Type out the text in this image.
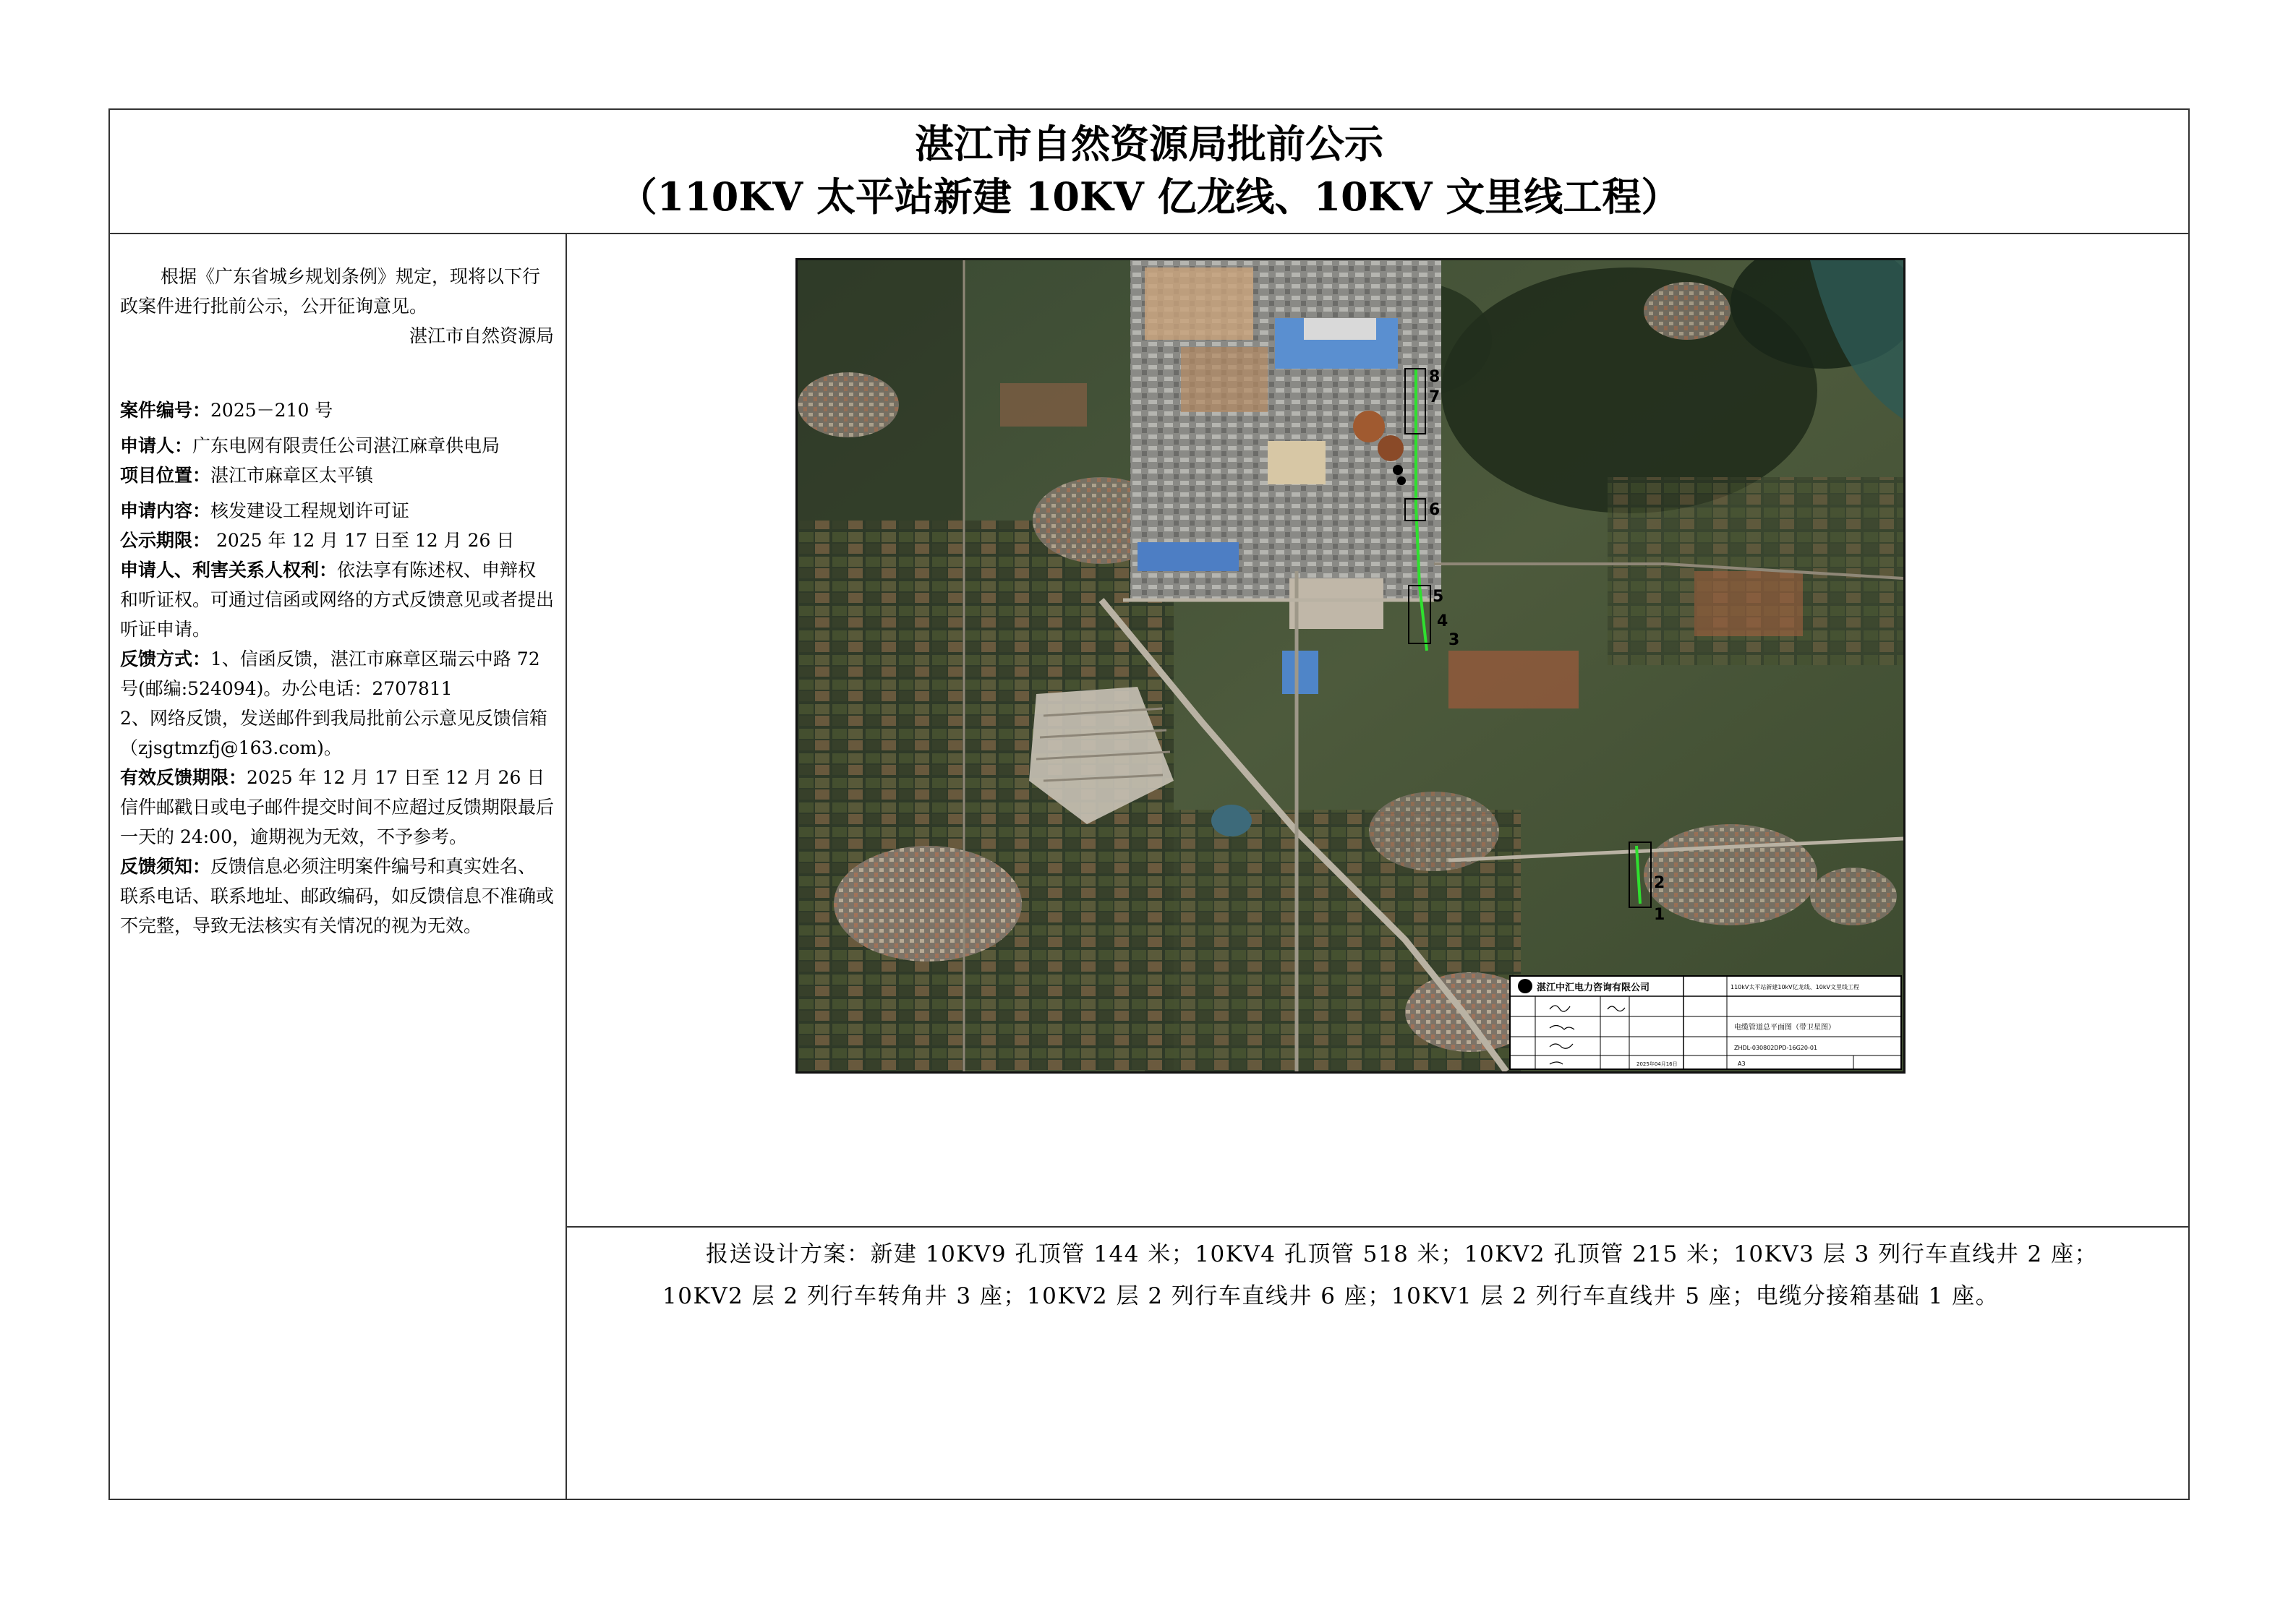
湛江市自然资源局批前公示
（110KV 太平站新建 10KV 亿龙线、10KV 文里线工程）

根据《广东省城乡规划条例》规定，现将以下行政案件进行批前公示，公开征询意见。

湛江市自然资源局

案件编号：2025－210 号

申请人：广东电网有限责任公司湛江麻章供电局

项目位置：湛江市麻章区太平镇

申请内容：核发建设工程规划许可证

公示期限： 2025 年 12 月 17 日至 12 月 26 日

申请人、利害关系人权利：依法享有陈述权、申辩权和听证权。可通过信函或网络的方式反馈意见或者提出听证申请。

反馈方式：1、信函反馈，湛江市麻章区瑞云中路 72 号(邮编:524094)。办公电话：2707811

2、网络反馈，发送邮件到我局批前公示意见反馈信箱（zjsgtmzfj@163.com)。

有效反馈期限：2025 年 12 月 17 日至 12 月 26 日信件邮戳日或电子邮件提交时间不应超过反馈期限最后一天的 24:00，逾期视为无效，不予参考。

反馈须知：反馈信息必须注明案件编号和真实姓名、联系电话、联系地址、邮政编码，如反馈信息不准确或不完整，导致无法核实有关情况的视为无效。

报送设计方案：新建 10KV9 孔顶管 144 米；10KV4 孔顶管 518 米；10KV2 孔顶管 215 米；10KV3 层 3 列行车直线井 2 座；10KV2 层 2 列行车转角井 3 座；10KV2 层 2 列行车直线井 6 座；10KV1 层 2 列行车直线井 5 座；电缆分接箱基础 1 座。

8
7
6
5
4
3
2
1
湛江中汇电力咨询有限公司	110kV太平站新建10kV亿龙线、10kV文里线工程
电缆管道总平面图（带卫星图）
ZHDL-030802DPD-16G20-01
2025年04月16日	A3
